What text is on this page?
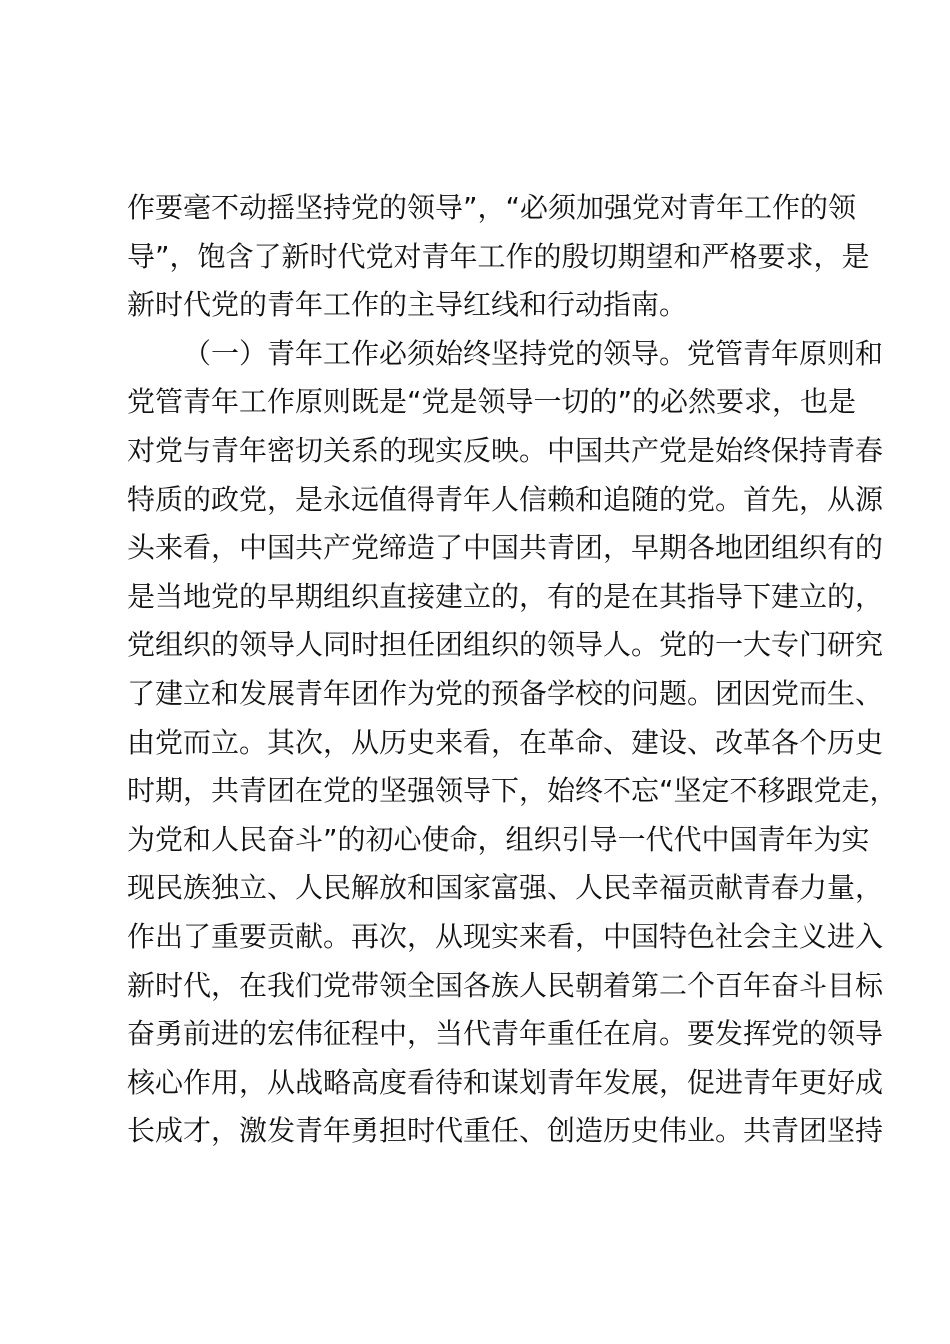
作要毫不动摇坚持党的领导”，“必须加强党对青年工作的领
导”，饱含了新时代党对青年工作的殷切期望和严格要求，是
新时代党的青年工作的主导红线和行动指南。
（一）青年工作必须始终坚持党的领导。党管青年原则和
党管青年工作原则既是“党是领导一切的”的必然要求，也是
对党与青年密切关系的现实反映。中国共产党是始终保持青春
特质的政党，是永远值得青年人信赖和追随的党。首先，从源
头来看，中国共产党缔造了中国共青团，早期各地团组织有的
是当地党的早期组织直接建立的，有的是在其指导下建立的，
党组织的领导人同时担任团组织的领导人。党的一大专门研究
了建立和发展青年团作为党的预备学校的问题。团因党而生、
由党而立。其次，从历史来看，在革命、建设、改革各个历史
时期，共青团在党的坚强领导下，始终不忘“坚定不移跟党走，
为党和人民奋斗”的初心使命，组织引导一代代中国青年为实
现民族独立、人民解放和国家富强、人民幸福贡献青春力量，
作出了重要贡献。再次，从现实来看，中国特色社会主义进入
新时代，在我们党带领全国各族人民朝着第二个百年奋斗目标
奋勇前进的宏伟征程中，当代青年重任在肩。要发挥党的领导
核心作用，从战略高度看待和谋划青年发展，促进青年更好成
长成才，激发青年勇担时代重任、创造历史伟业。共青团坚持
